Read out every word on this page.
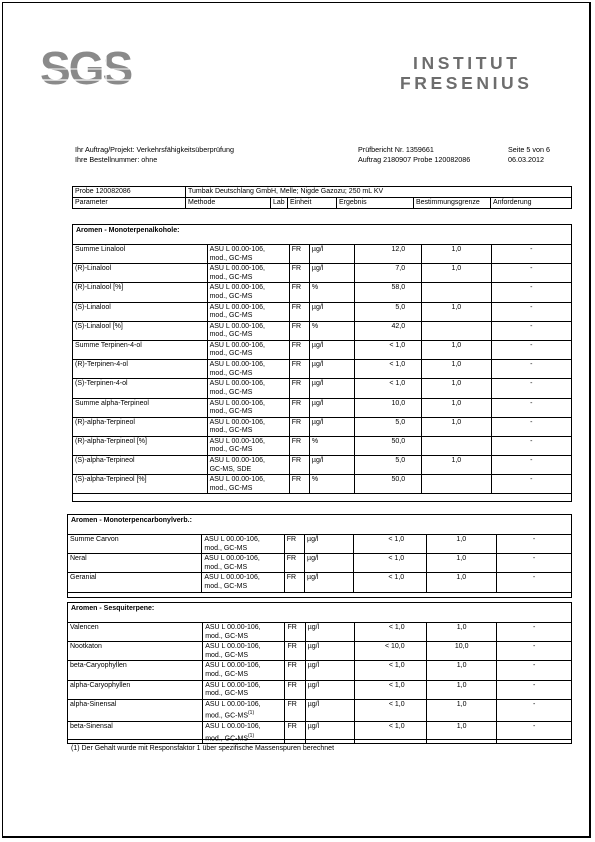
SGS	INSTITUT
FRESENIUS
Ihr Auftrag/Projekt: Verkehrsfähigkeitsüberprüfung
Ihre Bestellnummer: ohne
Prüfbericht Nr. 1359661
Auftrag 2180907 Probe 120082086
Seite 5 von 6
06.03.2012
Probe 120082086	Tumbak Deutschlang GmbH, Melle; Nigde Gazozu; 250 mL KV					
Parameter	Methode	Lab	Einheit	Ergebnis	Bestimmungsgrenze	Anforderung
Aromen - Monoterpenalkohole:
Aromen - Monoterpencarbonylverb.:
Aromen - Sesquiterpene:
Summe Linalool	ASU L 00.00-106,
mod., GC-MS	FR	µg/l	12,0	1,0	-
(R)-Linalool	ASU L 00.00-106,
mod., GC-MS	FR	µg/l	7,0	1,0	-
(R)-Linalool [%]	ASU L 00.00-106,
mod., GC-MS	FR	%	58,0		-
(S)-Linalool	ASU L 00.00-106,
mod., GC-MS	FR	µg/l	5,0	1,0	-
(S)-Linalool [%]	ASU L 00.00-106,
mod., GC-MS	FR	%	42,0		-
Summe Terpinen-4-ol	ASU L 00.00-106,
mod., GC-MS	FR	µg/l	< 1,0	1,0	-
(R)-Terpinen-4-ol	ASU L 00.00-106,
mod., GC-MS	FR	µg/l	< 1,0	1,0	-
(S)-Terpinen-4-ol	ASU L 00.00-106,
mod., GC-MS	FR	µg/l	< 1,0	1,0	-
Summe alpha-Terpineol	ASU L 00.00-106,
mod., GC-MS	FR	µg/l	10,0	1,0	-
(R)-alpha-Terpineol	ASU L 00.00-106,
mod., GC-MS	FR	µg/l	5,0	1,0	-
(R)-alpha-Terpineol [%]	ASU L 00.00-106,
mod., GC-MS	FR	%	50,0		-
(S)-alpha-Terpineol	ASU L 00.00-106,
GC-MS, SDE	FR	µg/l	5,0	1,0	-
(S)-alpha-Terpineol [%]	ASU L 00.00-106,
mod., GC-MS	FR	%	50,0		-
Summe Carvon	ASU L 00.00-106,
mod., GC-MS	FR	µg/l	< 1,0	1,0	-
Neral	ASU L 00.00-106,
mod., GC-MS	FR	µg/l	< 1,0	1,0	-
Geranial	ASU L 00.00-106,
mod., GC-MS	FR	µg/l	< 1,0	1,0	-
Valencen	ASU L 00.00-106,
mod., GC-MS	FR	µg/l	< 1,0	1,0	-
Nootkaton	ASU L 00.00-106,
mod., GC-MS	FR	µg/l	< 10,0	10,0	-
beta-Caryophyllen	ASU L 00.00-106,
mod., GC-MS	FR	µg/l	< 1,0	1,0	-
alpha-Caryophyllen	ASU L 00.00-106,
mod., GC-MS	FR	µg/l	< 1,0	1,0	-
alpha-Sinensal	ASU L 00.00-106,
mod., GC-MS$^{(1)}$	FR	µg/l	< 1,0	1,0	-
beta-Sinensal	ASU L 00.00-106,
mod., GC-MS$^{(1)}$	FR	µg/l	< 1,0	1,0	-
(1) Der Gehalt wurde mit Responsfaktor 1 über spezifische Massenspuren berechnet
